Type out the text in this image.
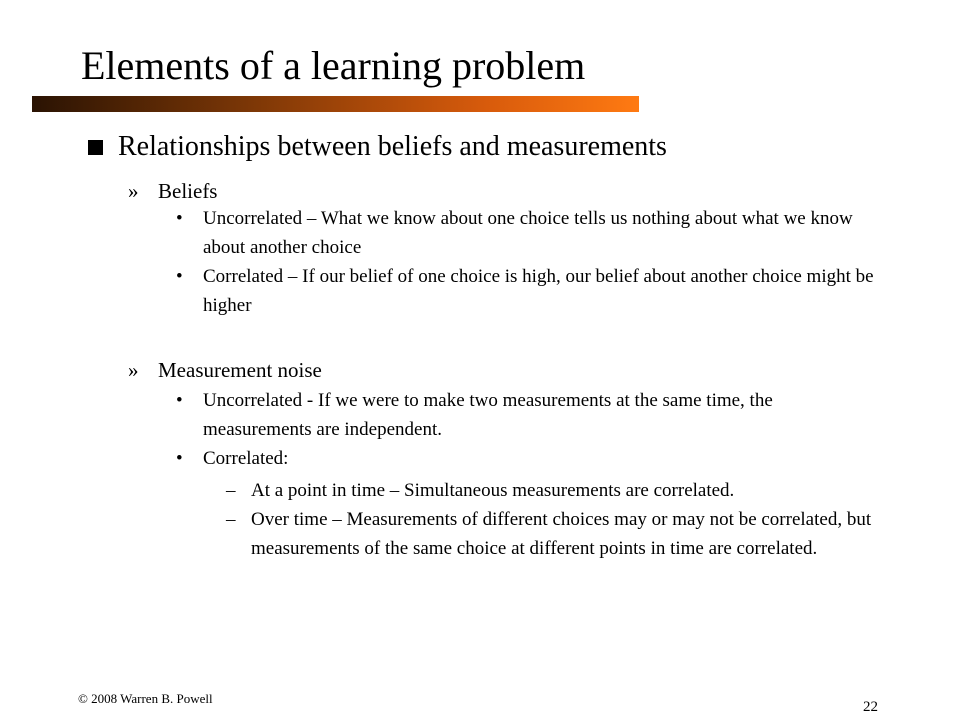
Elements of a learning problem
Relationships between beliefs and measurements
» Beliefs
• Uncorrelated – What we know about one choice tells us nothing about what we know about another choice
• Correlated – If our belief of one choice is high, our belief about another choice might be higher
» Measurement noise
• Uncorrelated - If we were to make two measurements at the same time, the measurements are independent.
• Correlated:
– At a point in time – Simultaneous measurements are correlated.
– Over time – Measurements of different choices may or may not be correlated, but measurements of the same choice at different points in time are correlated.
© 2008 Warren B. Powell
22
